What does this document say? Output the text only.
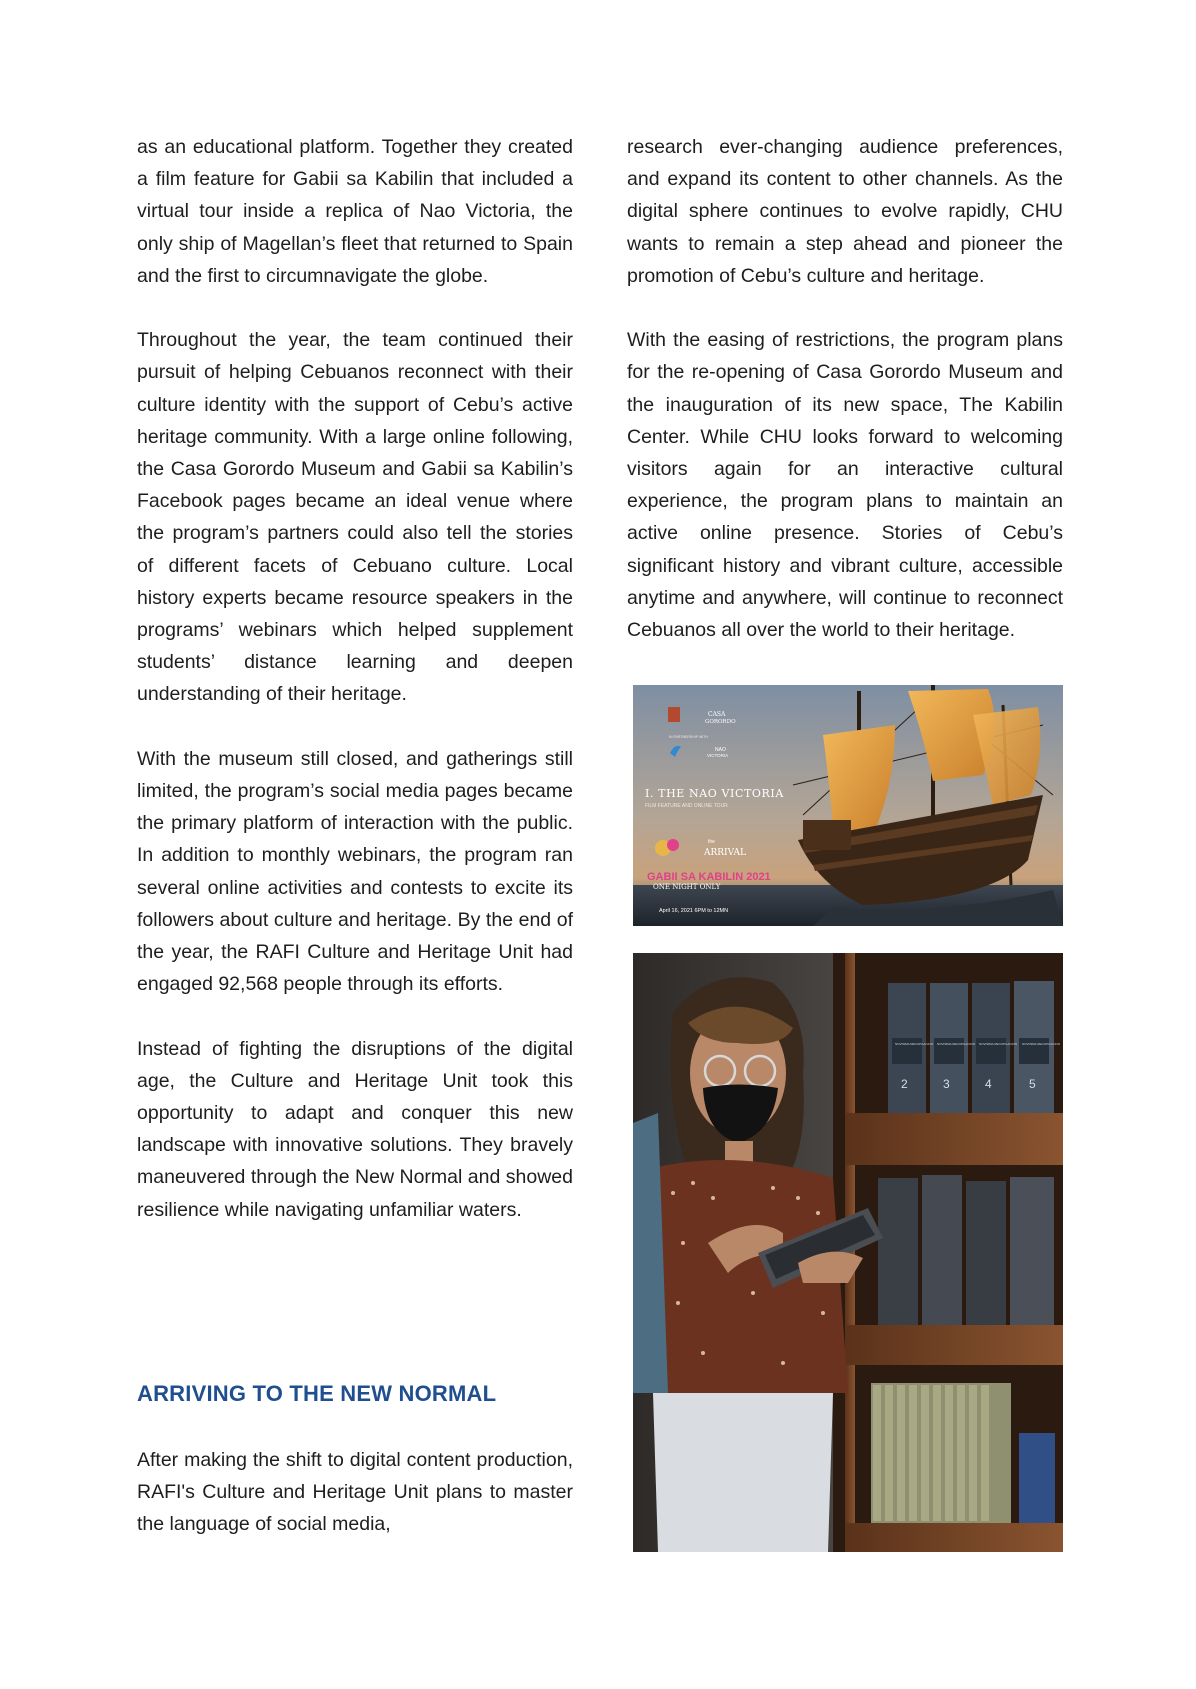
as an educational platform. Together they created a film feature for Gabii sa Kabilin that included a virtual tour inside a replica of Nao Victoria, the only ship of Magellan’s fleet that returned to Spain and the first to circumnavigate the globe.

Throughout the year, the team continued their pursuit of helping Cebuanos reconnect with their culture identity with the support of Cebu’s active heritage community. With a large online following, the Casa Gorordo Museum and Gabii sa Kabilin’s Facebook pages became an ideal venue where the program’s partners could also tell the stories of different facets of Cebuano culture. Local history experts became resource speakers in the programs’ webinars which helped supplement students’ distance learning and deepen understanding of their heritage.

With the museum still closed, and gatherings still limited, the program’s social media pages became the primary platform of interaction with the public. In addition to monthly webinars, the program ran several online activities and contests to excite its followers about culture and heritage. By the end of the year, the RAFI Culture and Heritage Unit had engaged 92,568 people through its efforts.

Instead of fighting the disruptions of the digital age, the Culture and Heritage Unit took this opportunity to adapt and conquer this new landscape with innovative solutions. They bravely maneuvered through the New Normal and showed resilience while navigating unfamiliar waters.

ARRIVING TO THE NEW NORMAL

After making the shift to digital content production, RAFI's Culture and Heritage Unit plans to master the language of social media,

research ever-changing audience preferences, and expand its content to other channels. As the digital sphere continues to evolve rapidly, CHU wants to remain a step ahead and pioneer the promotion of Cebu’s culture and heritage.

With the easing of restrictions, the program plans for the re-opening of Casa Gorordo Museum and the inauguration of its new space, The Kabilin Center. While CHU looks forward to welcoming visitors again for an interactive cultural experience, the program plans to maintain an active online presence. Stories of Cebu’s significant history and vibrant culture, accessible anytime and anywhere, will continue to reconnect Cebuanos all over the world to their heritage.

CASA
GORORDO
IN PARTNERSHIP WITH
NAO
VICTORIA
I. THE NAO VICTORIA
FILM FEATURE AND ONLINE TOUR
the
ARRIVAL
GABII SA KABILIN 2021
ONE NIGHT ONLY
April 16, 2021 6PM to 12MN
NOVISIMA RECOPILACION NOVISIMA RECOPILACION NOVISIMA RECOPILACION NOVISIMA RECOPILACION
2	3	4	5
